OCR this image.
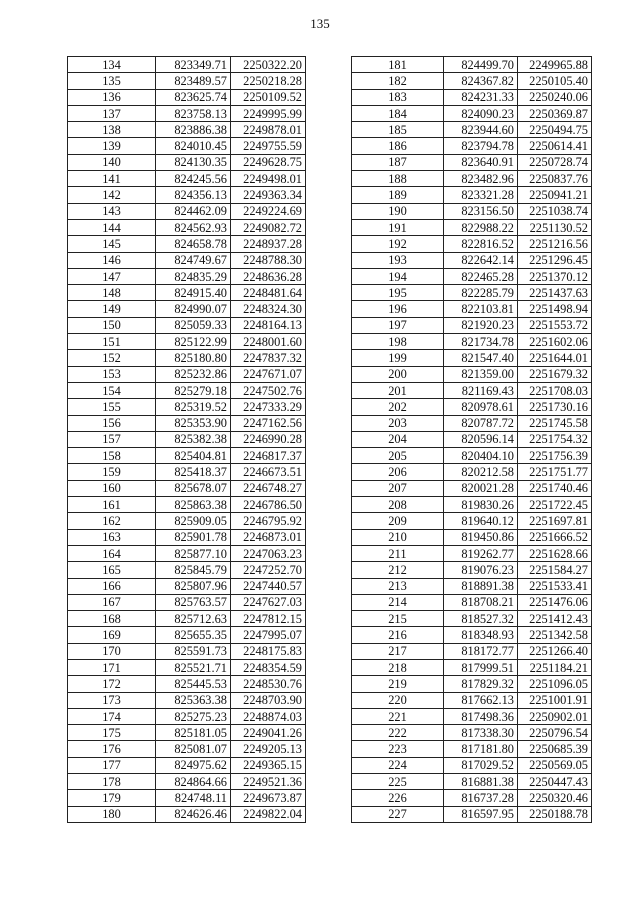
135
134	823349.71	2250322.20
135	823489.57	2250218.28
136	823625.74	2250109.52
137	823758.13	2249995.99
138	823886.38	2249878.01
139	824010.45	2249755.59
140	824130.35	2249628.75
141	824245.56	2249498.01
142	824356.13	2249363.34
143	824462.09	2249224.69
144	824562.93	2249082.72
145	824658.78	2248937.28
146	824749.67	2248788.30
147	824835.29	2248636.28
148	824915.40	2248481.64
149	824990.07	2248324.30
150	825059.33	2248164.13
151	825122.99	2248001.60
152	825180.80	2247837.32
153	825232.86	2247671.07
154	825279.18	2247502.76
155	825319.52	2247333.29
156	825353.90	2247162.56
157	825382.38	2246990.28
158	825404.81	2246817.37
159	825418.37	2246673.51
160	825678.07	2246748.27
161	825863.38	2246786.50
162	825909.05	2246795.92
163	825901.78	2246873.01
164	825877.10	2247063.23
165	825845.79	2247252.70
166	825807.96	2247440.57
167	825763.57	2247627.03
168	825712.63	2247812.15
169	825655.35	2247995.07
170	825591.73	2248175.83
171	825521.71	2248354.59
172	825445.53	2248530.76
173	825363.38	2248703.90
174	825275.23	2248874.03
175	825181.05	2249041.26
176	825081.07	2249205.13
177	824975.62	2249365.15
178	824864.66	2249521.36
179	824748.11	2249673.87
180	824626.46	2249822.04
181	824499.70	2249965.88
182	824367.82	2250105.40
183	824231.33	2250240.06
184	824090.23	2250369.87
185	823944.60	2250494.75
186	823794.78	2250614.41
187	823640.91	2250728.74
188	823482.96	2250837.76
189	823321.28	2250941.21
190	823156.50	2251038.74
191	822988.22	2251130.52
192	822816.52	2251216.56
193	822642.14	2251296.45
194	822465.28	2251370.12
195	822285.79	2251437.63
196	822103.81	2251498.94
197	821920.23	2251553.72
198	821734.78	2251602.06
199	821547.40	2251644.01
200	821359.00	2251679.32
201	821169.43	2251708.03
202	820978.61	2251730.16
203	820787.72	2251745.58
204	820596.14	2251754.32
205	820404.10	2251756.39
206	820212.58	2251751.77
207	820021.28	2251740.46
208	819830.26	2251722.45
209	819640.12	2251697.81
210	819450.86	2251666.52
211	819262.77	2251628.66
212	819076.23	2251584.27
213	818891.38	2251533.41
214	818708.21	2251476.06
215	818527.32	2251412.43
216	818348.93	2251342.58
217	818172.77	2251266.40
218	817999.51	2251184.21
219	817829.32	2251096.05
220	817662.13	2251001.91
221	817498.36	2250902.01
222	817338.30	2250796.54
223	817181.80	2250685.39
224	817029.52	2250569.05
225	816881.38	2250447.43
226	816737.28	2250320.46
227	816597.95	2250188.78
